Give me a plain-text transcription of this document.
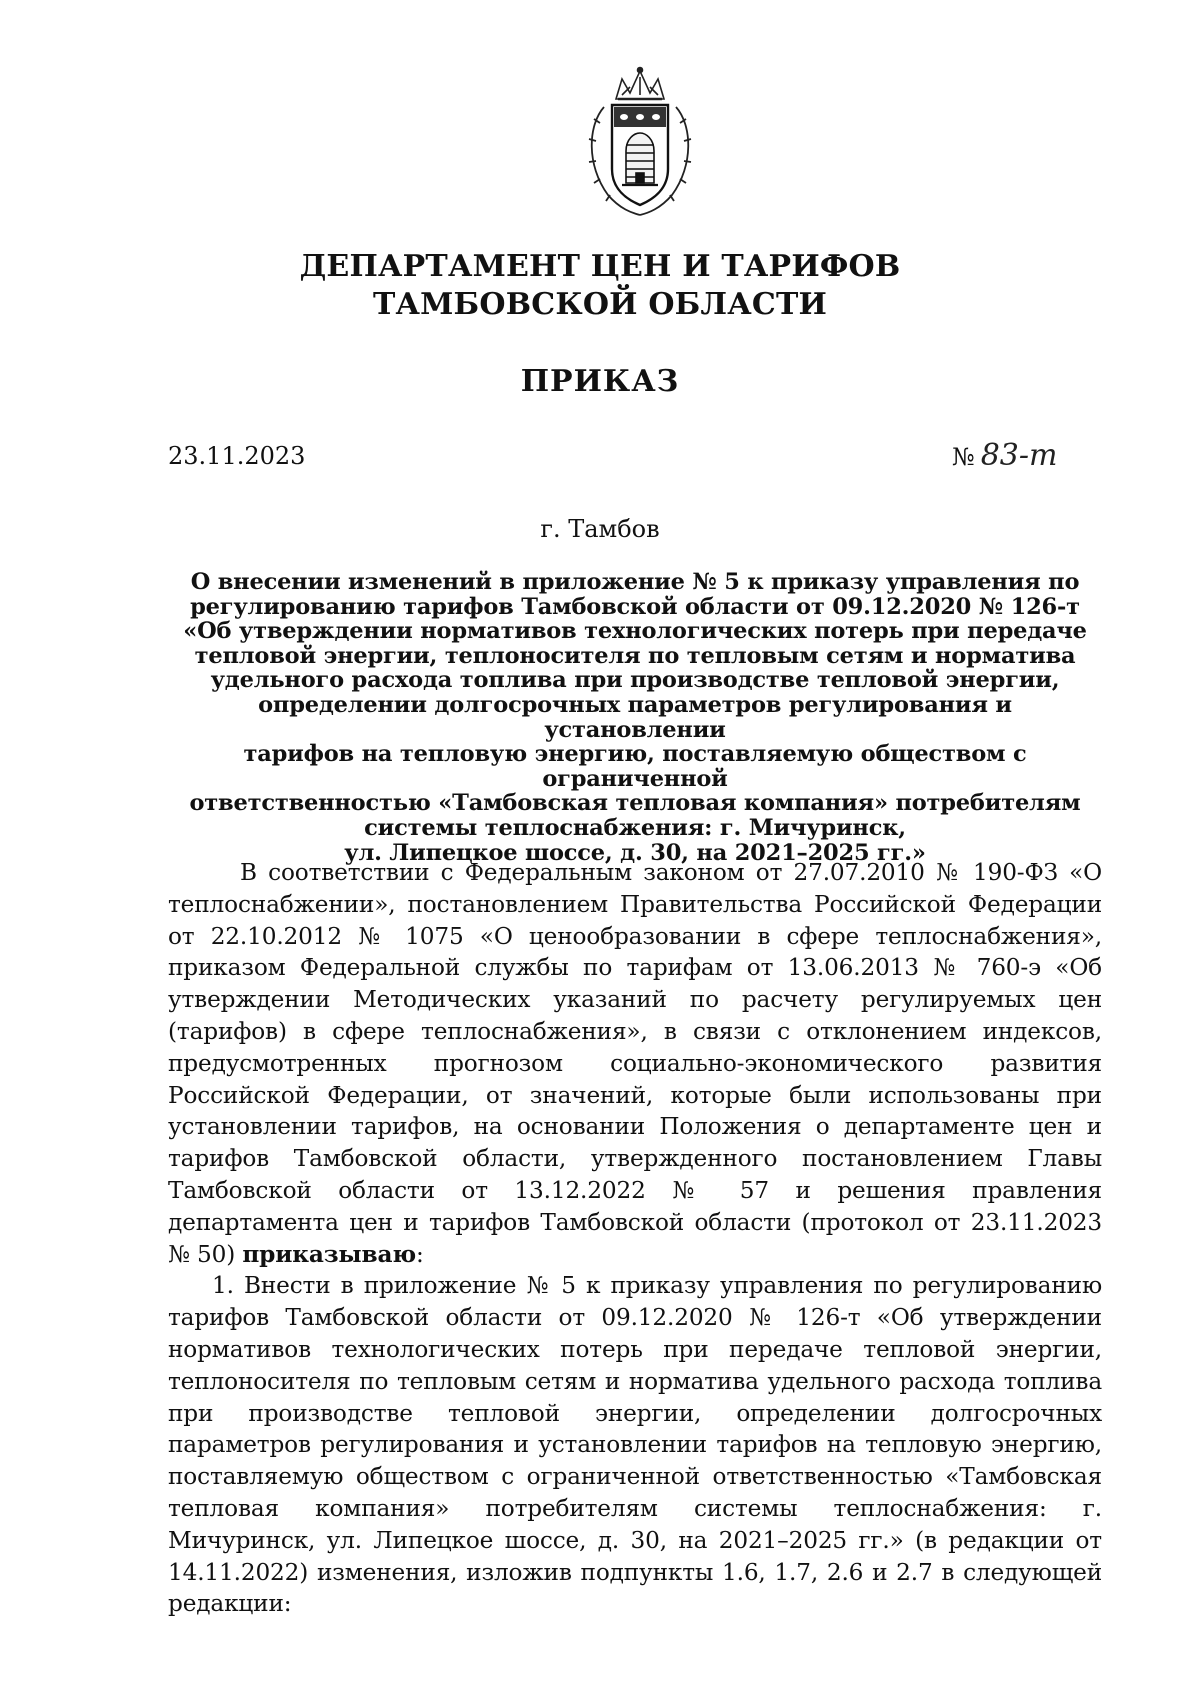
ДЕПАРТАМЕНТ ЦЕН И ТАРИФОВ
ТАМБОВСКОЙ ОБЛАСТИ
ПРИКАЗ
23.11.2023	№ 83-т
г. Тамбов
О внесении изменений в приложение № 5 к приказу управления по
регулированию тарифов Тамбовской области от 09.12.2020 № 126-т
«Об утверждении нормативов технологических потерь при передаче
тепловой энергии, теплоносителя по тепловым сетям и норматива
удельного расхода топлива при производстве тепловой энергии,
определении долгосрочных параметров регулирования и установлении
тарифов на тепловую энергию, поставляемую обществом с ограниченной
ответственностью «Тамбовская тепловая компания» потребителям
системы теплоснабжения: г. Мичуринск,
ул. Липецкое шоссе, д. 30, на 2021–2025 гг.»

В соответствии с Федеральным законом от 27.07.2010 № 190-ФЗ «О теплоснабжении», постановлением Правительства Российской Федерации от 22.10.2012 № 1075 «О ценообразовании в сфере теплоснабжения», приказом Федеральной службы по тарифам от 13.06.2013 № 760-э «Об утверждении Методических указаний по расчету регулируемых цен (тарифов) в сфере теплоснабжения», в связи с отклонением индексов, предусмотренных прогнозом социально-экономического развития Российской Федерации, от значений, которые были использованы при установлении тарифов, на основании Положения о департаменте цен и тарифов Тамбовской области, утвержденного постановлением Главы Тамбовской области от 13.12.2022 № 57 и решения правления департамента цен и тарифов Тамбовской области (протокол от 23.11.2023 № 50) приказываю:

1. Внести в приложение № 5 к приказу управления по регулированию тарифов Тамбовской области от 09.12.2020 № 126-т «Об утверждении нормативов технологических потерь при передаче тепловой энергии, теплоносителя по тепловым сетям и норматива удельного расхода топлива при производстве тепловой энергии, определении долгосрочных параметров регулирования и установлении тарифов на тепловую энергию, поставляемую обществом с ограниченной ответственностью «Тамбовская тепловая компания» потребителям системы теплоснабжения: г. Мичуринск, ул. Липецкое шоссе, д. 30, на 2021–2025 гг.» (в редакции от 14.11.2022) изменения, изложив подпункты 1.6, 1.7, 2.6 и 2.7 в следующей редакции:
